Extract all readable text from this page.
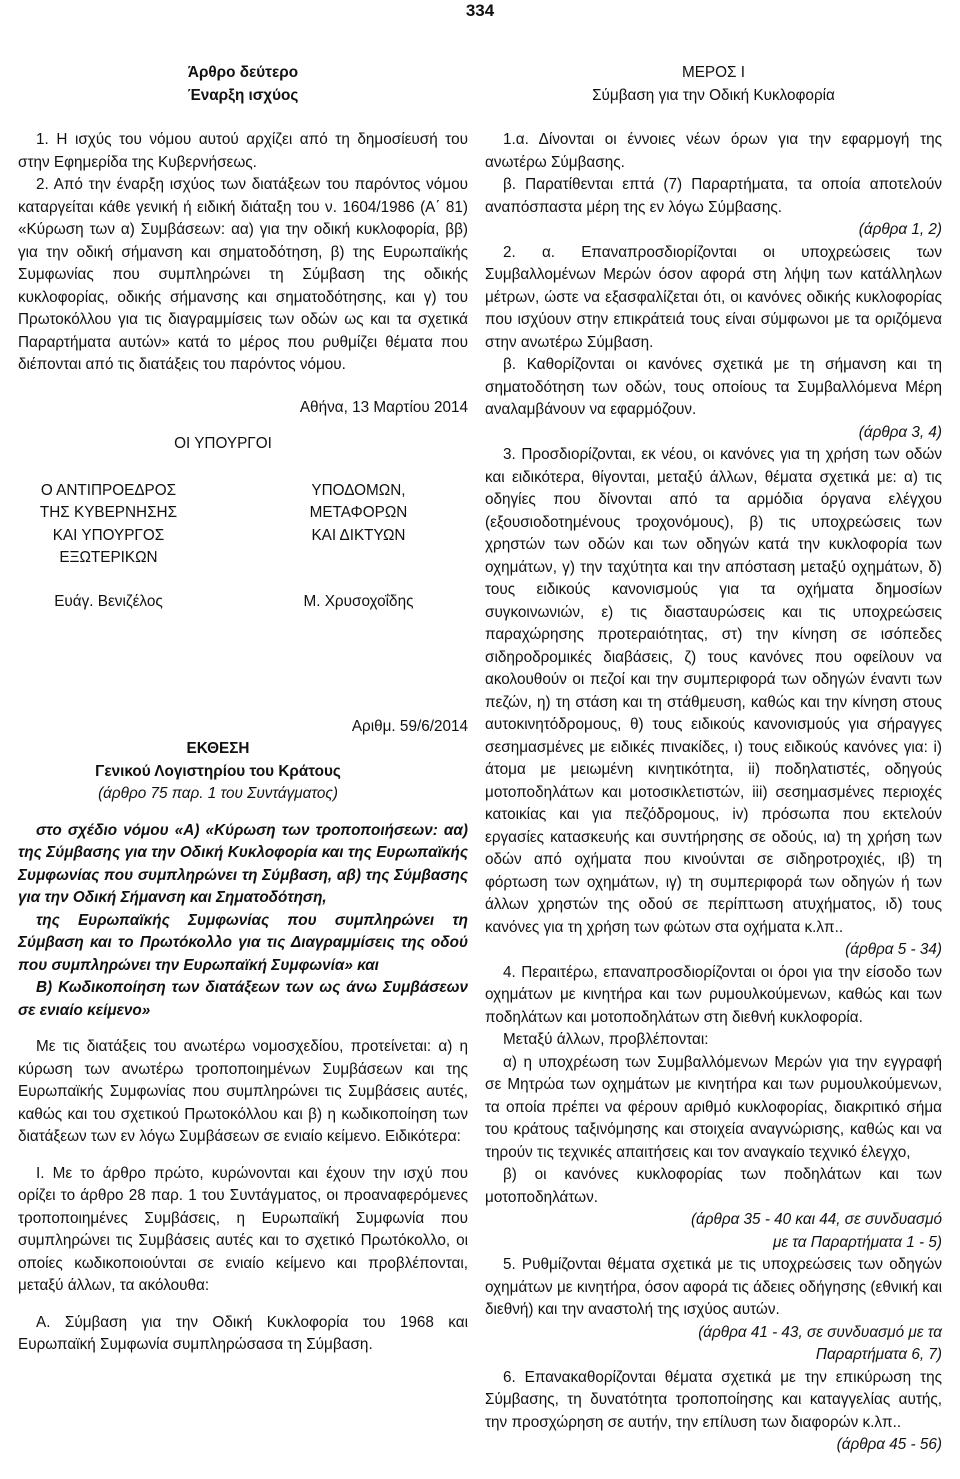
334

Άρθρο δεύτερο

Έναρξη ισχύος

1. Η ισχύς του νόμου αυτού αρχίζει από τη δημοσίευσή του στην Εφημερίδα της Κυβερνήσεως.

2. Από την έναρξη ισχύος των διατάξεων του παρόντος νόμου καταργείται κάθε γενική ή ειδική διάταξη του ν. 1604/1986 (Α΄ 81) «Κύρωση των α) Συμβάσεων: αα) για την οδική κυκλοφορία, ββ) για την οδική σήμανση και σηματοδότηση, β) της Ευρωπαϊκής Συμφωνίας που συμπληρώνει τη Σύμβαση της οδικής κυκλοφορίας, οδικής σήμανσης και σηματοδότησης, και γ) του Πρωτοκόλλου για τις διαγραμμίσεις των οδών ως και τα σχετικά Παραρτήματα αυτών» κατά το μέρος που ρυθμίζει θέματα που διέπονται από τις διατάξεις του παρόντος νόμου.

Αθήνα, 13 Μαρτίου 2014

ΟΙ ΥΠΟΥΡΓΟΙ

Ο ΑΝΤΙΠΡΟΕΔΡΟΣ

ΤΗΣ ΚΥΒΕΡΝΗΣΗΣ

ΚΑΙ ΥΠΟΥΡΓΟΣ

ΕΞΩΤΕΡΙΚΩΝ

Ευάγ. Βενιζέλος

ΥΠΟΔΟΜΩΝ,

ΜΕΤΑΦΟΡΩΝ

ΚΑΙ ΔΙΚΤΥΩΝ

Μ. Χρυσοχοΐδης

Αριθμ. 59/6/2014

ΕΚΘΕΣΗ

Γενικού Λογιστηρίου του Κράτους

(άρθρο 75 παρ. 1 του Συντάγματος)

στο σχέδιο νόμου «Α) «Κύρωση των τροποποιήσεων: αα) της Σύμβασης για την Οδική Κυκλοφορία και της Ευρωπαϊκής Συμφωνίας που συμπληρώνει τη Σύμβαση, αβ) της Σύμβασης για την Οδική Σήμανση και Σηματοδότηση,

της Ευρωπαϊκής Συμφωνίας που συμπληρώνει τη Σύμβαση και το Πρωτόκολλο για τις Διαγραμμίσεις της οδού που συμπληρώνει την Ευρωπαϊκή Συμφωνία» και

Β) Κωδικοποίηση των διατάξεων των ως άνω Συμβάσεων σε ενιαίο κείμενο»

Με τις διατάξεις του ανωτέρω νομοσχεδίου, προτείνεται: α) η κύρωση των ανωτέρω τροποποιημένων Συμβάσεων και της Ευρωπαϊκής Συμφωνίας που συμπληρώνει τις Συμβάσεις αυτές, καθώς και του σχετικού Πρωτοκόλλου και β) η κωδικοποίηση των διατάξεων των εν λόγω Συμβάσεων σε ενιαίο κείμενο. Ειδικότερα:

Ι. Με το άρθρο πρώτο, κυρώνονται και έχουν την ισχύ που ορίζει το άρθρο 28 παρ. 1 του Συντάγματος, οι προαναφερόμενες τροποποιημένες Συμβάσεις, η Ευρωπαϊκή Συμφωνία που συμπληρώνει τις Συμβάσεις αυτές και το σχετικό Πρωτόκολλο, οι οποίες κωδικοποιούνται σε ενιαίο κείμενο και προβλέπονται, μεταξύ άλλων, τα ακόλουθα:

Α. Σύμβαση για την Οδική Κυκλοφορία του 1968 και Ευρωπαϊκή Συμφωνία συμπληρώσασα τη Σύμβαση.

ΜΕΡΟΣ Ι

Σύμβαση για την Οδική Κυκλοφορία

1.α. Δίνονται οι έννοιες νέων όρων για την εφαρμογή της ανωτέρω Σύμβασης.

β. Παρατίθενται επτά (7) Παραρτήματα, τα οποία αποτελούν αναπόσπαστα μέρη της εν λόγω Σύμβασης.

(άρθρα 1, 2)

2. α. Επαναπροσδιορίζονται οι υποχρεώσεις των Συμβαλλομένων Μερών όσον αφορά στη λήψη των κατάλληλων μέτρων, ώστε να εξασφαλίζεται ότι, οι κανόνες οδικής κυκλοφορίας που ισχύουν στην επικράτειά τους είναι σύμφωνοι με τα οριζόμενα στην ανωτέρω Σύμβαση.

β. Καθορίζονται οι κανόνες σχετικά με τη σήμανση και τη σηματοδότηση των οδών, τους οποίους τα Συμβαλλόμενα Μέρη αναλαμβάνουν να εφαρμόζουν.

(άρθρα 3, 4)

3. Προσδιορίζονται, εκ νέου, οι κανόνες για τη χρήση των οδών και ειδικότερα, θίγονται, μεταξύ άλλων, θέματα σχετικά με: α) τις οδηγίες που δίνονται από τα αρμόδια όργανα ελέγχου (εξουσιοδοτημένους τροχονόμους), β) τις υποχρεώσεις των χρηστών των οδών και των οδηγών κατά την κυκλοφορία των οχημάτων, γ) την ταχύτητα και την απόσταση μεταξύ οχημάτων, δ) τους ειδικούς κανονισμούς για τα οχήματα δημοσίων συγκοινωνιών, ε) τις διασταυρώσεις και τις υποχρεώσεις παραχώρησης προτεραιότητας, στ) την κίνηση σε ισόπεδες σιδηροδρομικές διαβάσεις, ζ) τους κανόνες που οφείλουν να ακολουθούν οι πεζοί και την συμπεριφορά των οδηγών έναντι των πεζών, η) τη στάση και τη στάθμευση, καθώς και την κίνηση στους αυτοκινητόδρομους, θ) τους ειδικούς κανονισμούς για σήραγγες σεσημασμένες με ειδικές πινακίδες, ι) τους ειδικούς κανόνες για: i) άτομα με μειωμένη κινητικότητα, ii) ποδηλατιστές, οδηγούς μοτοποδηλάτων και μοτοσικλετιστών, iii) σεσημασμένες περιοχές κατοικίας και για πεζόδρομους, iv) πρόσωπα που εκτελούν εργασίες κατασκευής και συντήρησης σε οδούς, ια) τη χρήση των οδών από οχήματα που κινούνται σε σιδηροτροχιές, ιβ) τη φόρτωση των οχημάτων, ιγ) τη συμπεριφορά των οδηγών ή των άλλων χρηστών της οδού σε περίπτωση ατυχήματος, ιδ) τους κανόνες για τη χρήση των φώτων στα οχήματα κ.λπ..

(άρθρα 5 - 34)

4. Περαιτέρω, επαναπροσδιορίζονται οι όροι για την είσοδο των οχημάτων με κινητήρα και των ρυμουλκούμενων, καθώς και των ποδηλάτων και μοτοποδηλάτων στη διεθνή κυκλοφορία.

Μεταξύ άλλων, προβλέπονται:

α) η υποχρέωση των Συμβαλλόμενων Μερών για την εγγραφή σε Μητρώα των οχημάτων με κινητήρα και των ρυμουλκούμενων, τα οποία πρέπει να φέρουν αριθμό κυκλοφορίας, διακριτικό σήμα του κράτους ταξινόμησης και στοιχεία αναγνώρισης, καθώς και να τηρούν τις τεχνικές απαιτήσεις και τον αναγκαίο τεχνικό έλεγχο,

β) οι κανόνες κυκλοφορίας των ποδηλάτων και των μοτοποδηλάτων.

(άρθρα 35 - 40 και 44, σε συνδυασμό

με τα Παραρτήματα 1 - 5)

5. Ρυθμίζονται θέματα σχετικά με τις υποχρεώσεις των οδηγών οχημάτων με κινητήρα, όσον αφορά τις άδειες οδήγησης (εθνική και διεθνή) και την αναστολή της ισχύος αυτών.

(άρθρα 41 - 43, σε συνδυασμό με τα

Παραρτήματα 6, 7)

6. Επανακαθορίζονται θέματα σχετικά με την επικύρωση της Σύμβασης, τη δυνατότητα τροποποίησης και καταγγελίας αυτής, την προσχώρηση σε αυτήν, την επίλυση των διαφορών κ.λπ..

(άρθρα 45 - 56)
